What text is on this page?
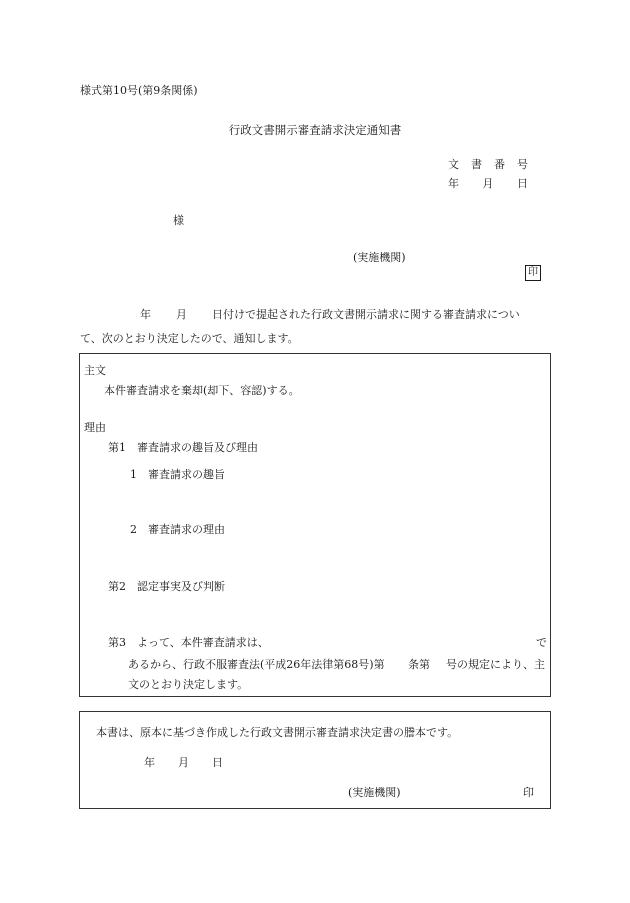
様式第10号(第9条関係)
行政文書開示審査請求決定通知書
文 書 番 号
年 月 日
様
(実施機関)
印
年 月 日付けで提起された行政文書開示請求に関する審査請求につい
て、次のとおり決定したので、通知します。
主文
本件審査請求を棄却(却下、容認)する。
理由
第1　審査請求の趣旨及び理由
1　審査請求の趣旨
2　審査請求の理由
第2　認定事実及び判断
第3　よって、本件審査請求は、	で
あるから、行政不服審査法(平成26年法律第68号)第 条第 号の規定により、主
文のとおり決定します。
本書は、原本に基づき作成した行政文書開示審査請求決定書の謄本です。
年 月 日
(実施機関)	印
